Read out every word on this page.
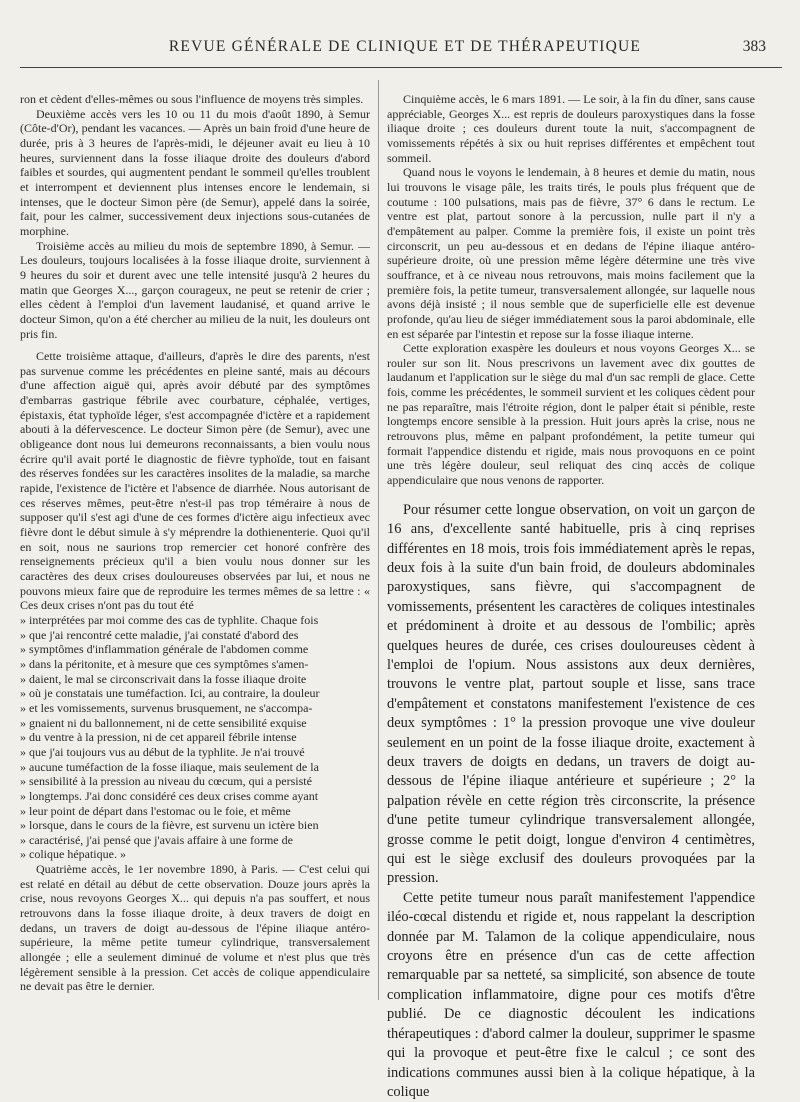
REVUE GÉNÉRALE DE CLINIQUE ET DE THÉRAPEUTIQUE	383

ron et cèdent d'elles-mêmes ou sous l'influence de moyens très simples.

Deuxième accès vers les 10 ou 11 du mois d'août 1890, à Semur (Côte-d'Or), pendant les vacances. — Après un bain froid d'une heure de durée, pris à 3 heures de l'après-midi, le déjeuner avait eu lieu à 10 heures, surviennent dans la fosse iliaque droite des douleurs d'abord faibles et sourdes, qui augmentent pendant le sommeil qu'elles troublent et interrompent et deviennent plus intenses encore le lendemain, si intenses, que le docteur Simon père (de Semur), appelé dans la soirée, fait, pour les calmer, successivement deux injections sous-cutanées de morphine.

Troisième accès au milieu du mois de septembre 1890, à Semur. — Les douleurs, toujours localisées à la fosse iliaque droite, surviennent à 9 heures du soir et durent avec une telle intensité jusqu'à 2 heures du matin que Georges X..., garçon courageux, ne peut se retenir de crier ; elles cèdent à l'emploi d'un lavement laudanisé, et quand arrive le docteur Simon, qu'on a été chercher au milieu de la nuit, les douleurs ont pris fin.

Cette troisième attaque, d'ailleurs, d'après le dire des parents, n'est pas survenue comme les précédentes en pleine santé, mais au décours d'une affection aiguë qui, après avoir débuté par des symptômes d'embarras gastrique fébrile avec courbature, céphalée, vertiges, épistaxis, état typhoïde léger, s'est accompagnée d'ictère et a rapidement abouti à la défervescence. Le docteur Simon père (de Semur), avec une obligeance dont nous lui demeurons reconnaissants, a bien voulu nous écrire qu'il avait porté le diagnostic de fièvre typhoïde, tout en faisant des réserves fondées sur les caractères insolites de la maladie, sa marche rapide, l'existence de l'ictère et l'absence de diarrhée. Nous autorisant de ces réserves mêmes, peut-être n'est-il pas trop téméraire à nous de supposer qu'il s'est agi d'une de ces formes d'ictère aigu infectieux avec fièvre dont le début simule à s'y méprendre la dothienenterie. Quoi qu'il en soit, nous ne saurions trop remercier cet honoré confrère des renseignements précieux qu'il a bien voulu nous donner sur les caractères des deux crises douloureuses observées par lui, et nous ne pouvons mieux faire que de reproduire les termes mêmes de sa lettre : « Ces deux crises n'ont pas du tout été

» interprétées par moi comme des cas de typhlite. Chaque fois

» que j'ai rencontré cette maladie, j'ai constaté d'abord des

» symptômes d'inflammation générale de l'abdomen comme

» dans la péritonite, et à mesure que ces symptômes s'amen-

» daient, le mal se circonscrivait dans la fosse iliaque droite

» où je constatais une tuméfaction. Ici, au contraire, la douleur

» et les vomissements, survenus brusquement, ne s'accompa-

» gnaient ni du ballonnement, ni de cette sensibilité exquise

» du ventre à la pression, ni de cet appareil fébrile intense

» que j'ai toujours vus au début de la typhlite. Je n'ai trouvé

» aucune tuméfaction de la fosse iliaque, mais seulement de la

» sensibilité à la pression au niveau du cœcum, qui a persisté

» longtemps. J'ai donc considéré ces deux crises comme ayant

» leur point de départ dans l'estomac ou le foie, et même

» lorsque, dans le cours de la fièvre, est survenu un ictère bien

» caractérisé, j'ai pensé que j'avais affaire à une forme de

» colique hépatique. »

Quatrième accès, le 1er novembre 1890, à Paris. — C'est celui qui est relaté en détail au début de cette observation. Douze jours après la crise, nous revoyons Georges X... qui depuis n'a pas souffert, et nous retrouvons dans la fosse iliaque droite, à deux travers de doigt en dedans, un travers de doigt au-dessous de l'épine iliaque antéro-supérieure, la même petite tumeur cylindrique, transversalement allongée ; elle a seulement diminué de volume et n'est plus que très légèrement sensible à la pression. Cet accès de colique appendiculaire ne devait pas être le dernier.

Cinquième accès, le 6 mars 1891. — Le soir, à la fin du dîner, sans cause appréciable, Georges X... est repris de douleurs paroxystiques dans la fosse iliaque droite ; ces douleurs durent toute la nuit, s'accompagnent de vomissements répétés à six ou huit reprises différentes et empêchent tout sommeil.

Quand nous le voyons le lendemain, à 8 heures et demie du matin, nous lui trouvons le visage pâle, les traits tirés, le pouls plus fréquent que de coutume : 100 pulsations, mais pas de fièvre, 37° 6 dans le rectum. Le ventre est plat, partout sonore à la percussion, nulle part il n'y a d'empâtement au palper. Comme la première fois, il existe un point très circonscrit, un peu au-dessous et en dedans de l'épine iliaque antéro-supérieure droite, où une pression même légère détermine une très vive souffrance, et à ce niveau nous retrouvons, mais moins facilement que la première fois, la petite tumeur, transversalement allongée, sur laquelle nous avons déjà insisté ; il nous semble que de superficielle elle est devenue profonde, qu'au lieu de siéger immédiatement sous la paroi abdominale, elle en est séparée par l'intestin et repose sur la fosse iliaque interne.

Cette exploration exaspère les douleurs et nous voyons Georges X... se rouler sur son lit. Nous prescrivons un lavement avec dix gouttes de laudanum et l'application sur le siège du mal d'un sac rempli de glace. Cette fois, comme les précédentes, le sommeil survient et les coliques cèdent pour ne pas reparaître, mais l'étroite région, dont le palper était si pénible, reste longtemps encore sensible à la pression. Huit jours après la crise, nous ne retrouvons plus, même en palpant profondément, la petite tumeur qui formait l'appendice distendu et rigide, mais nous provoquons en ce point une très légère douleur, seul reliquat des cinq accès de colique appendiculaire que nous venons de rapporter.

Pour résumer cette longue observation, on voit un garçon de 16 ans, d'excellente santé habituelle, pris à cinq reprises différentes en 18 mois, trois fois immédiatement après le repas, deux fois à la suite d'un bain froid, de douleurs abdominales paroxystiques, sans fièvre, qui s'accompagnent de vomissements, présentent les caractères de coliques intestinales et prédominent à droite et au dessous de l'ombilic; après quelques heures de durée, ces crises douloureuses cèdent à l'emploi de l'opium. Nous assistons aux deux dernières, trouvons le ventre plat, partout souple et lisse, sans trace d'empâtement et constatons manifestement l'existence de ces deux symptômes : 1° la pression provoque une vive douleur seulement en un point de la fosse iliaque droite, exactement à deux travers de doigts en dedans, un travers de doigt au-dessous de l'épine iliaque antérieure et supérieure ; 2° la palpation révèle en cette région très circonscrite, la présence d'une petite tumeur cylindrique transversalement allongée, grosse comme le petit doigt, longue d'environ 4 centimètres, qui est le siège exclusif des douleurs provoquées par la pression.

Cette petite tumeur nous paraît manifestement l'appendice iléo-cœcal distendu et rigide et, nous rappelant la description donnée par M. Talamon de la colique appendiculaire, nous croyons être en présence d'un cas de cette affection remarquable par sa netteté, sa simplicité, son absence de toute complication inflammatoire, digne pour ces motifs d'être publié. De ce diagnostic découlent les indications thérapeutiques : d'abord calmer la douleur, supprimer le spasme qui la provoque et peut-être fixe le calcul ; ce sont des indications communes aussi bien à la colique hépatique, à la colique
